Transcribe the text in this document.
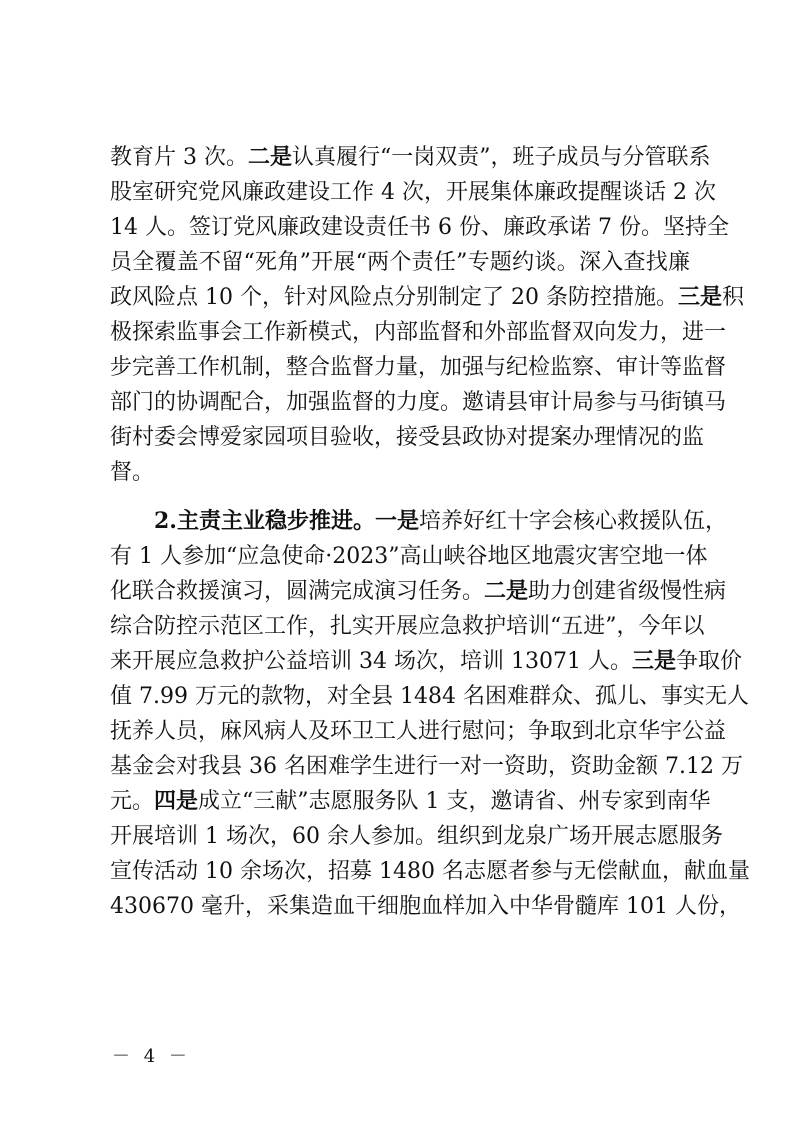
教育片 3 次。二是认真履行“一岗双责”，班子成员与分管联系
股室研究党风廉政建设工作 4 次，开展集体廉政提醒谈话 2 次
14 人。签订党风廉政建设责任书 6 份、廉政承诺 7 份。坚持全
员全覆盖不留“死角”开展“两个责任”专题约谈。深入查找廉
政风险点 10 个，针对风险点分别制定了 20 条防控措施。三是积
极探索监事会工作新模式，内部监督和外部监督双向发力，进一
步完善工作机制，整合监督力量，加强与纪检监察、审计等监督
部门的协调配合，加强监督的力度。邀请县审计局参与马街镇马
街村委会博爱家园项目验收，接受县政协对提案办理情况的监
督。
2.主责主业稳步推进。一是培养好红十字会核心救援队伍，
有 1 人参加“应急使命·2023”高山峡谷地区地震灾害空地一体
化联合救援演习，圆满完成演习任务。二是助力创建省级慢性病
综合防控示范区工作，扎实开展应急救护培训“五进”，今年以
来开展应急救护公益培训 34 场次，培训 13071 人。三是争取价
值 7.99 万元的款物，对全县 1484 名困难群众、孤儿、事实无人
抚养人员，麻风病人及环卫工人进行慰问；争取到北京华宇公益
基金会对我县 36 名困难学生进行一对一资助，资助金额 7.12 万
元。四是成立“三献”志愿服务队 1 支，邀请省、州专家到南华
开展培训 1 场次，60 余人参加。组织到龙泉广场开展志愿服务
宣传活动 10 余场次，招募 1480 名志愿者参与无偿献血，献血量
430670 毫升，采集造血干细胞血样加入中华骨髓库 101 人份，
－ 4 －
